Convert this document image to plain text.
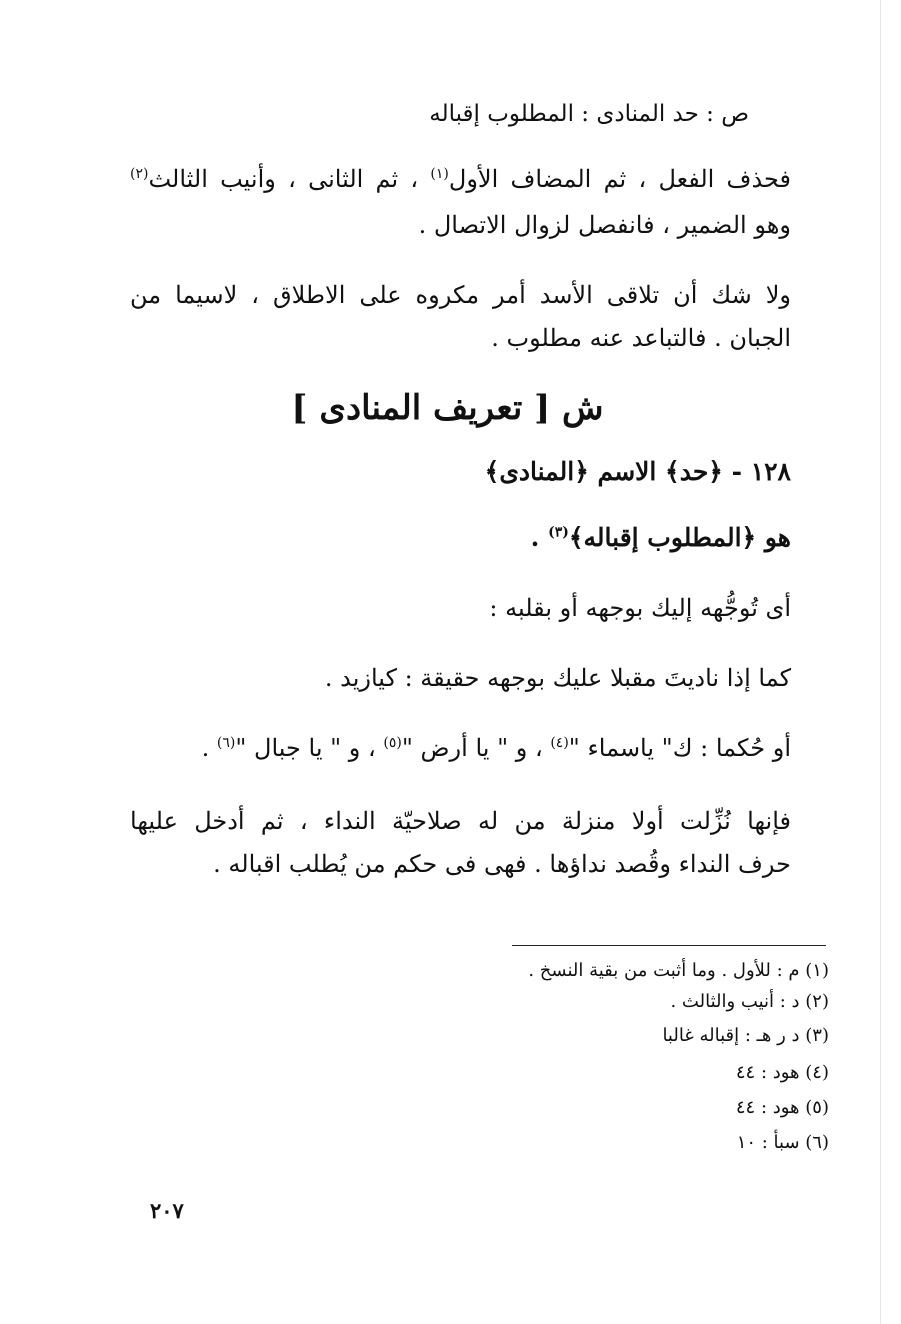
ص : حد المنادى : المطلوب إقباله
فحذف الفعل ، ثم المضاف الأول$^{(١)}$ ، ثم الثانى ، وأنيب الثالث$^{(٢)}$
وهو الضمير ، فانفصل لزوال الاتصال .
ولا شك أن تلاقى الأسد أمر مكروه على الاطلاق ، لاسيما من
الجبان . فالتباعد عنه مطلوب .
ش [ تعريف المنادى ]
١٢٨ - ﴿حد﴾ الاسم ﴿المنادى﴾
هو ﴿المطلوب إقباله﴾$^{(٣)}$ .
أى تُوجُّهه إليك بوجهه أو بقلبه :
كما إذا ناديتَ مقبلا عليك بوجهه حقيقة : كيازيد .
أو حُكما : ك" ياسماء "$^{(٤)}$ ، و " يا أرض "$^{(٥)}$ ، و " يا جبال "$^{(٦)}$ .
فإنها نُزِّلت أولا منزلة من له صلاحيّة النداء ، ثم أدخل عليها
حرف النداء وقُصد نداؤها . فهى فى حكم من يُطلب اقباله .
(١) م : للأول . وما أثبت من بقية النسخ .
(٢) د : أنيب والثالث .
(٣) د ر هـ : إقباله غالبا
(٤) هود : ٤٤
(٥) هود : ٤٤
(٦) سبأ : ١٠
٢٠٧
